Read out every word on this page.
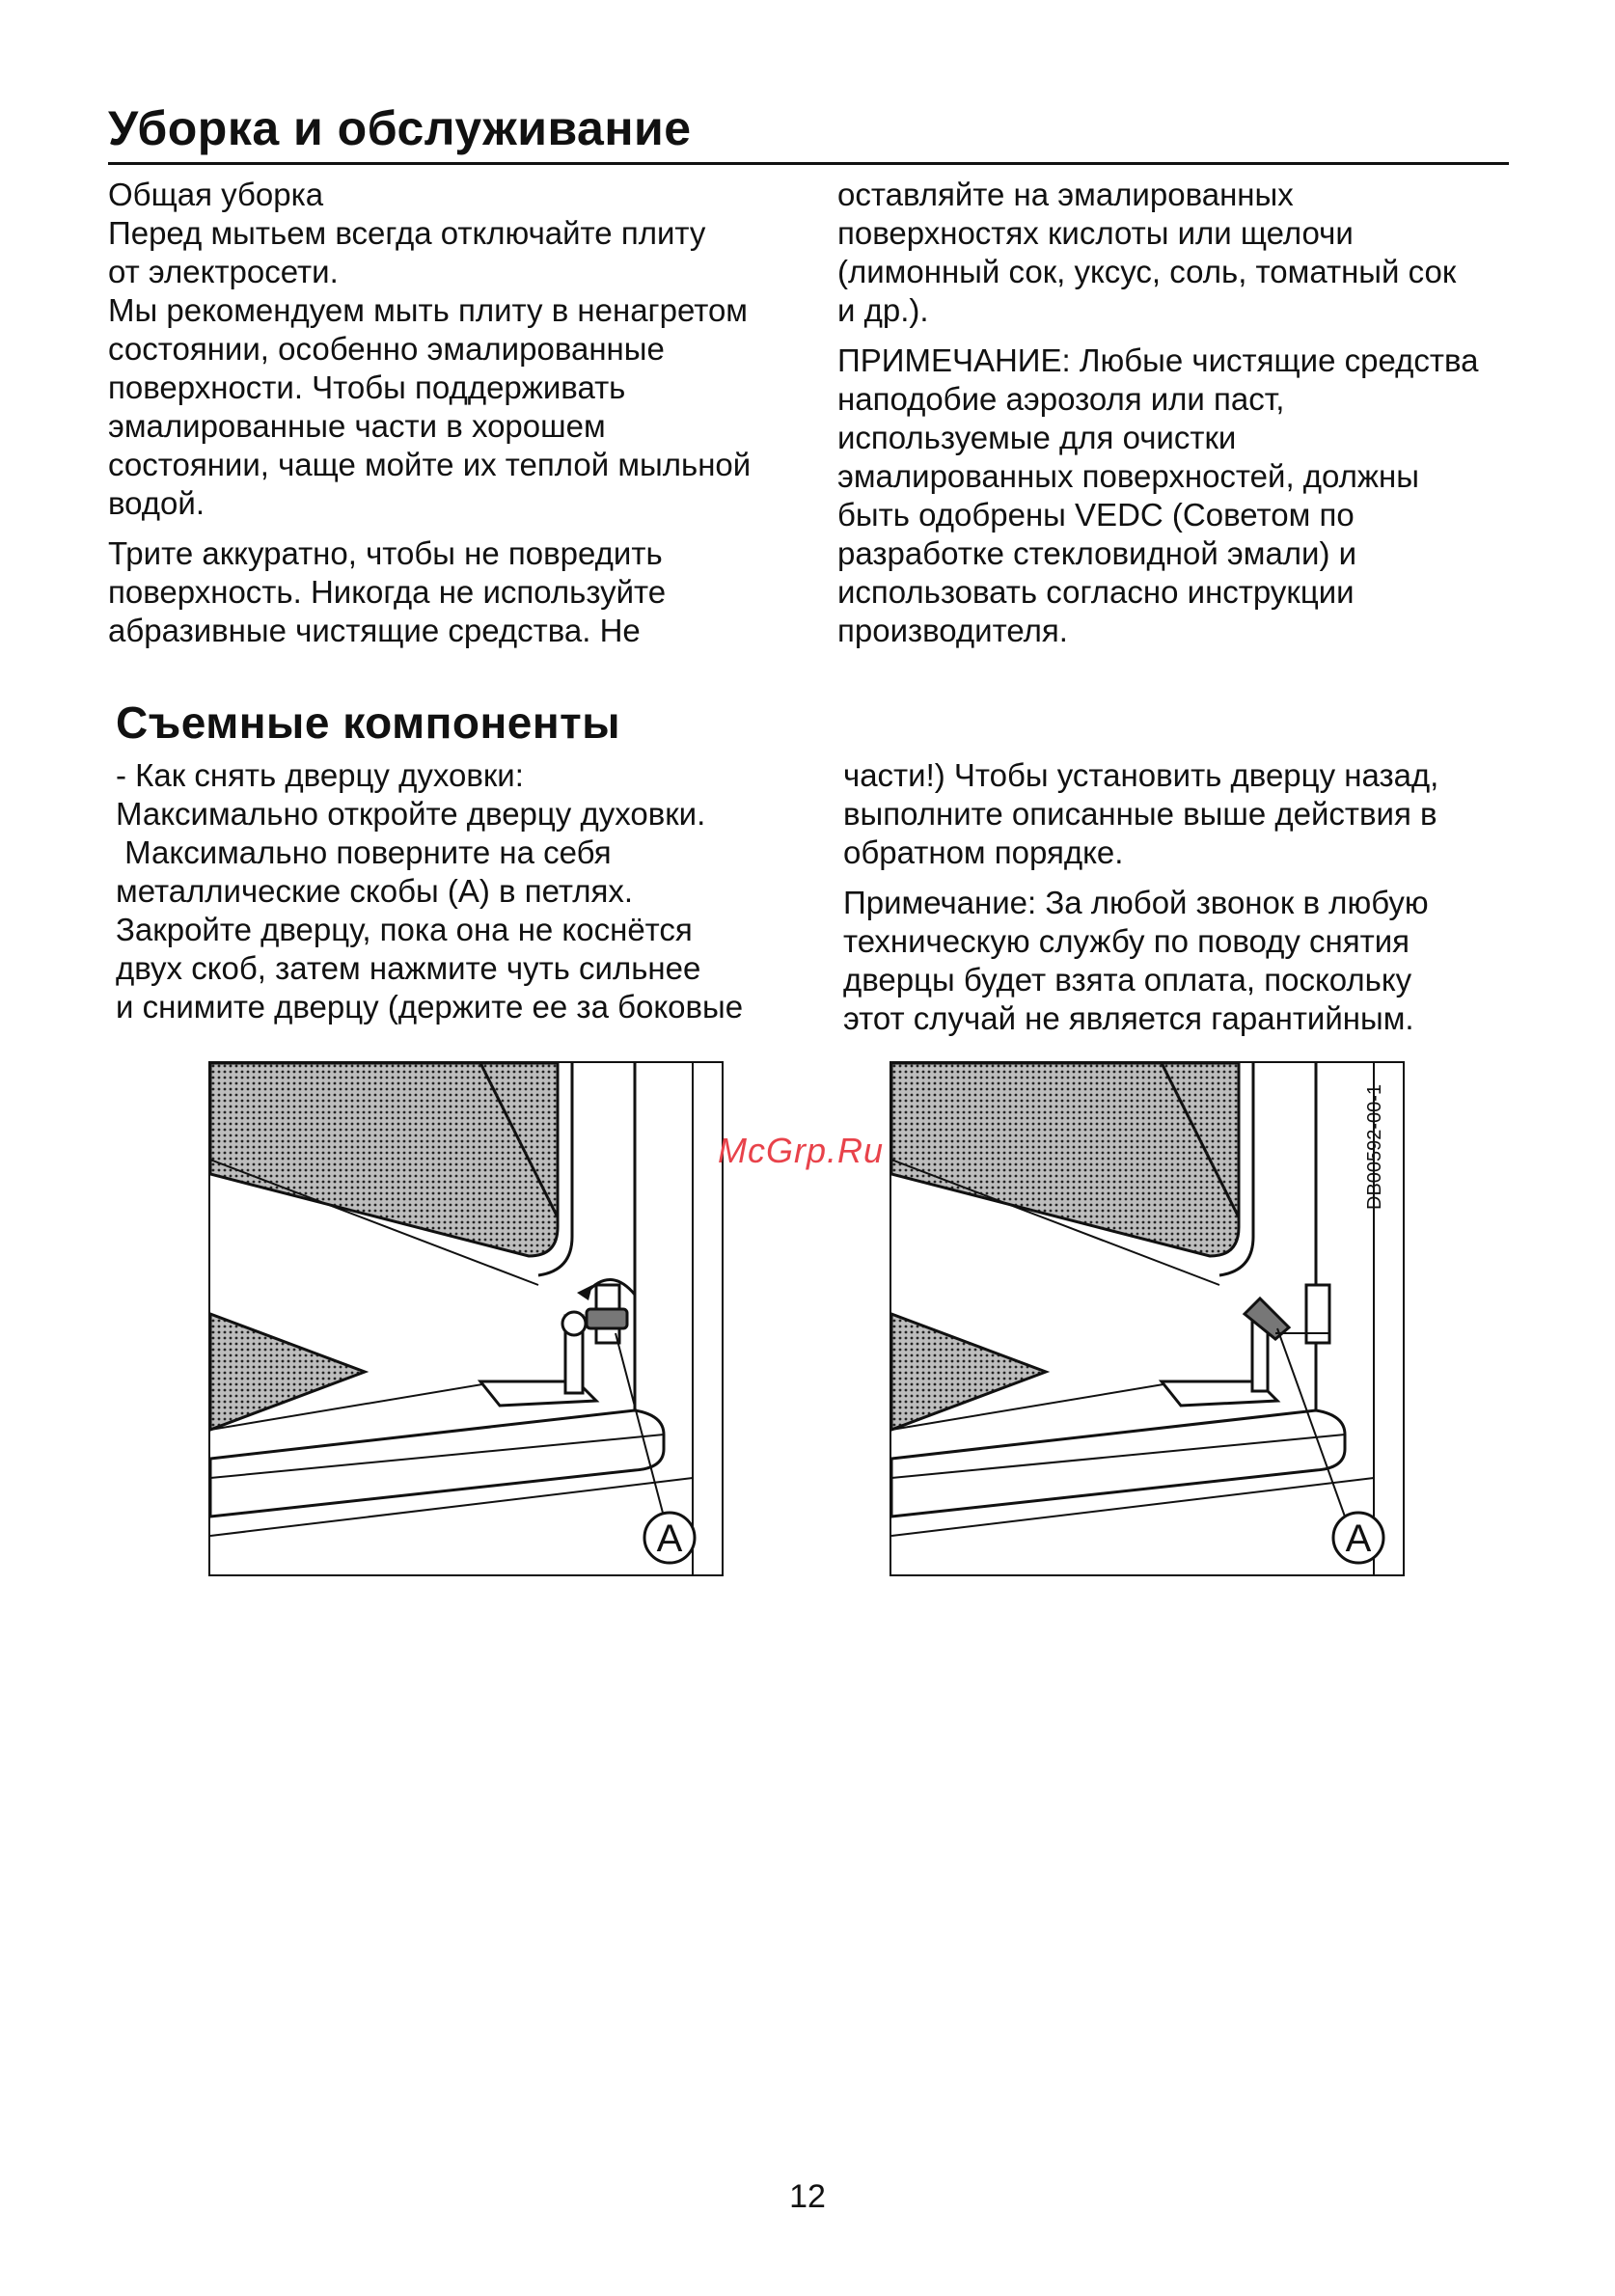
Уборка и обслуживание

Общая уборка
Перед мытьем всегда отключайте плиту
от электросети.
Мы рекомендуем мыть плиту в ненагретом
состоянии, особенно эмалированные
поверхности. Чтобы поддерживать
эмалированные части в хорошем
состоянии, чаще мойте их теплой мыльной
водой.

Трите аккуратно, чтобы не повредить
поверхность. Никогда не используйте
абразивные чистящие средства. Не

оставляйте на эмалированных
поверхностях кислоты или щелочи
(лимонный сок, уксус, соль, томатный сок
и др.).

ПРИМЕЧАНИЕ: Любые чистящие средства
наподобие аэрозоля или паст,
используемые для очистки
эмалированных поверхностей, должны
быть одобрены VEDC (Советом по
разработке стекловидной эмали) и
использовать согласно инструкции
производителя.

Съемные компоненты

- Как снять дверцу духовки:
Максимально откройте дверцу духовки.
Максимально поверните на себя
металлические скобы (A) в петлях.
Закройте дверцу, пока она не коснётся
двух скоб, затем нажмите чуть сильнее
и снимите дверцу (держите ее за боковые

части!) Чтобы установить дверцу назад,
выполните описанные выше действия в
обратном порядке.

Примечание: За любой звонок в любую
техническую службу по поводу снятия
дверцы будет взята оплата, поскольку
этот случай не является гарантийным.

A	A
DB00592-00-1
McGrp.Ru
12
